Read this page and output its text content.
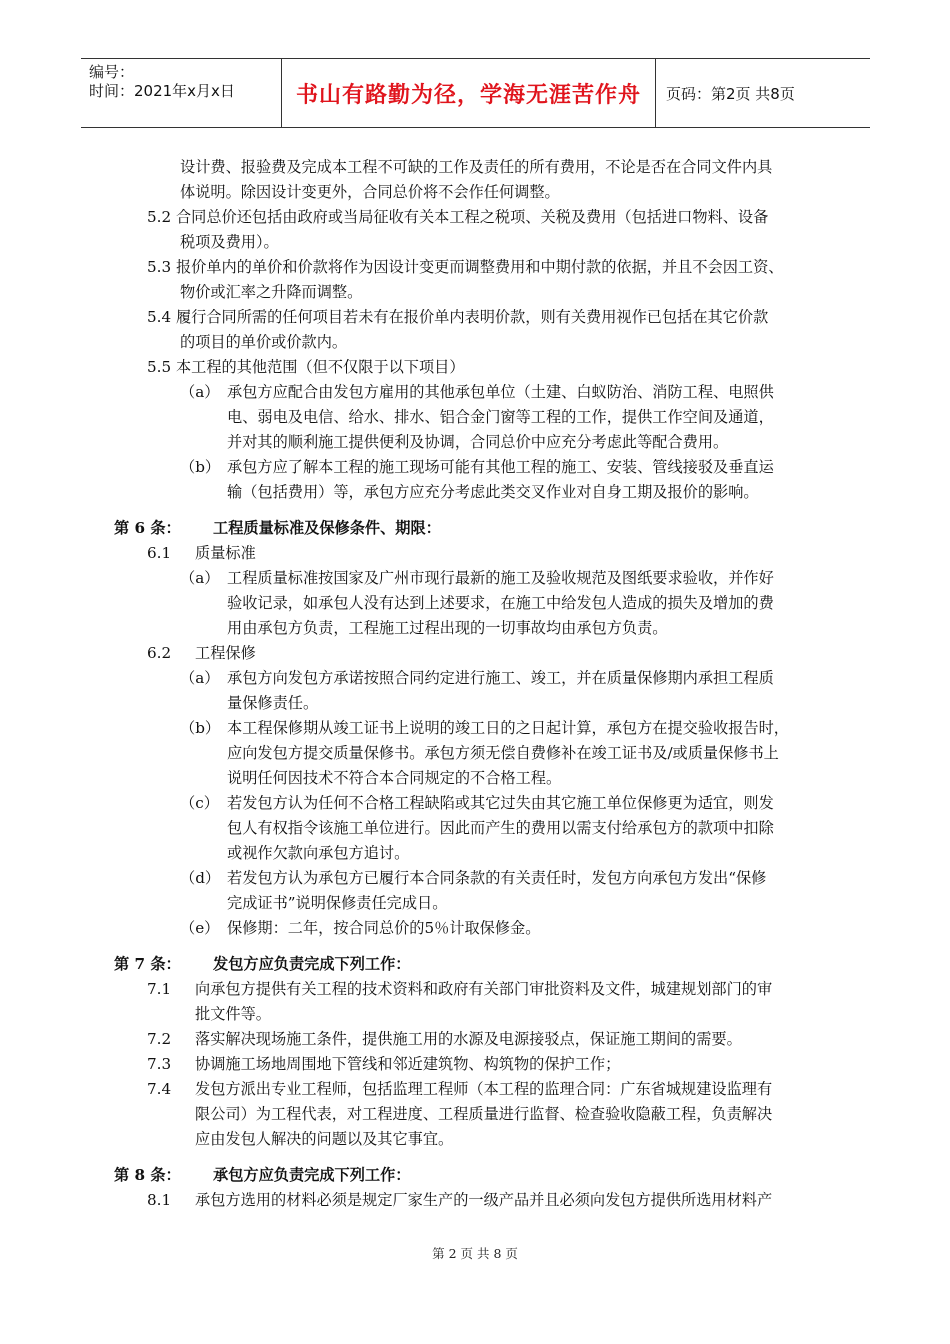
编号：
时间：2021年x月x日	书山有路勤为径，学海无涯苦作舟	页码：第2页 共8页
设计费、报验费及完成本工程不可缺的工作及责任的所有费用，不论是否在合同文件内具
体说明。除因设计变更外，合同总价将不会作任何调整。
5.2 合同总价还包括由政府或当局征收有关本工程之税项、关税及费用（包括进口物料、设备
税项及费用）。
5.3 报价单内的单价和价款将作为因设计变更而调整费用和中期付款的依据，并且不会因工资、
物价或汇率之升降而调整。
5.4 履行合同所需的任何项目若未有在报价单内表明价款，则有关费用视作已包括在其它价款
的项目的单价或价款内。
5.5 本工程的其他范围（但不仅限于以下项目）
（a） 承包方应配合由发包方雇用的其他承包单位（土建、白蚁防治、消防工程、电照供
电、弱电及电信、给水、排水、铝合金门窗等工程的工作，提供工作空间及通道，
并对其的顺利施工提供便利及协调，合同总价中应充分考虑此等配合费用。
（b） 承包方应了解本工程的施工现场可能有其他工程的施工、安装、管线接驳及垂直运
输（包括费用）等，承包方应充分考虑此类交叉作业对自身工期及报价的影响。
第 6 条： 工程质量标准及保修条件、期限：
6.1 质量标准
（a） 工程质量标准按国家及广州市现行最新的施工及验收规范及图纸要求验收，并作好
验收记录，如承包人没有达到上述要求，在施工中给发包人造成的损失及增加的费
用由承包方负责，工程施工过程出现的一切事故均由承包方负责。
6.2 工程保修
（a） 承包方向发包方承诺按照合同约定进行施工、竣工，并在质量保修期内承担工程质
量保修责任。
（b） 本工程保修期从竣工证书上说明的竣工日的之日起计算，承包方在提交验收报告时，
应向发包方提交质量保修书。承包方须无偿自费修补在竣工证书及/或质量保修书上
说明任何因技术不符合本合同规定的不合格工程。
（c） 若发包方认为任何不合格工程缺陷或其它过失由其它施工单位保修更为适宜，则发
包人有权指令该施工单位进行。因此而产生的费用以需支付给承包方的款项中扣除
或视作欠款向承包方追讨。
（d） 若发包方认为承包方已履行本合同条款的有关责任时，发包方向承包方发出“保修
完成证书”说明保修责任完成日。
（e） 保修期：二年，按合同总价的5％计取保修金。
第 7 条： 发包方应负责完成下列工作：
7.1 向承包方提供有关工程的技术资料和政府有关部门审批资料及文件，城建规划部门的审
批文件等。
7.2 落实解决现场施工条件，提供施工用的水源及电源接驳点，保证施工期间的需要。
7.3 协调施工场地周围地下管线和邻近建筑物、构筑物的保护工作；
7.4 发包方派出专业工程师，包括监理工程师（本工程的监理合同：广东省城规建设监理有
限公司）为工程代表，对工程进度、工程质量进行监督、检查验收隐蔽工程，负责解决
应由发包人解决的问题以及其它事宜。
第 8 条： 承包方应负责完成下列工作：
8.1 承包方选用的材料必须是规定厂家生产的一级产品并且必须向发包方提供所选用材料产
第 2 页 共 8 页
